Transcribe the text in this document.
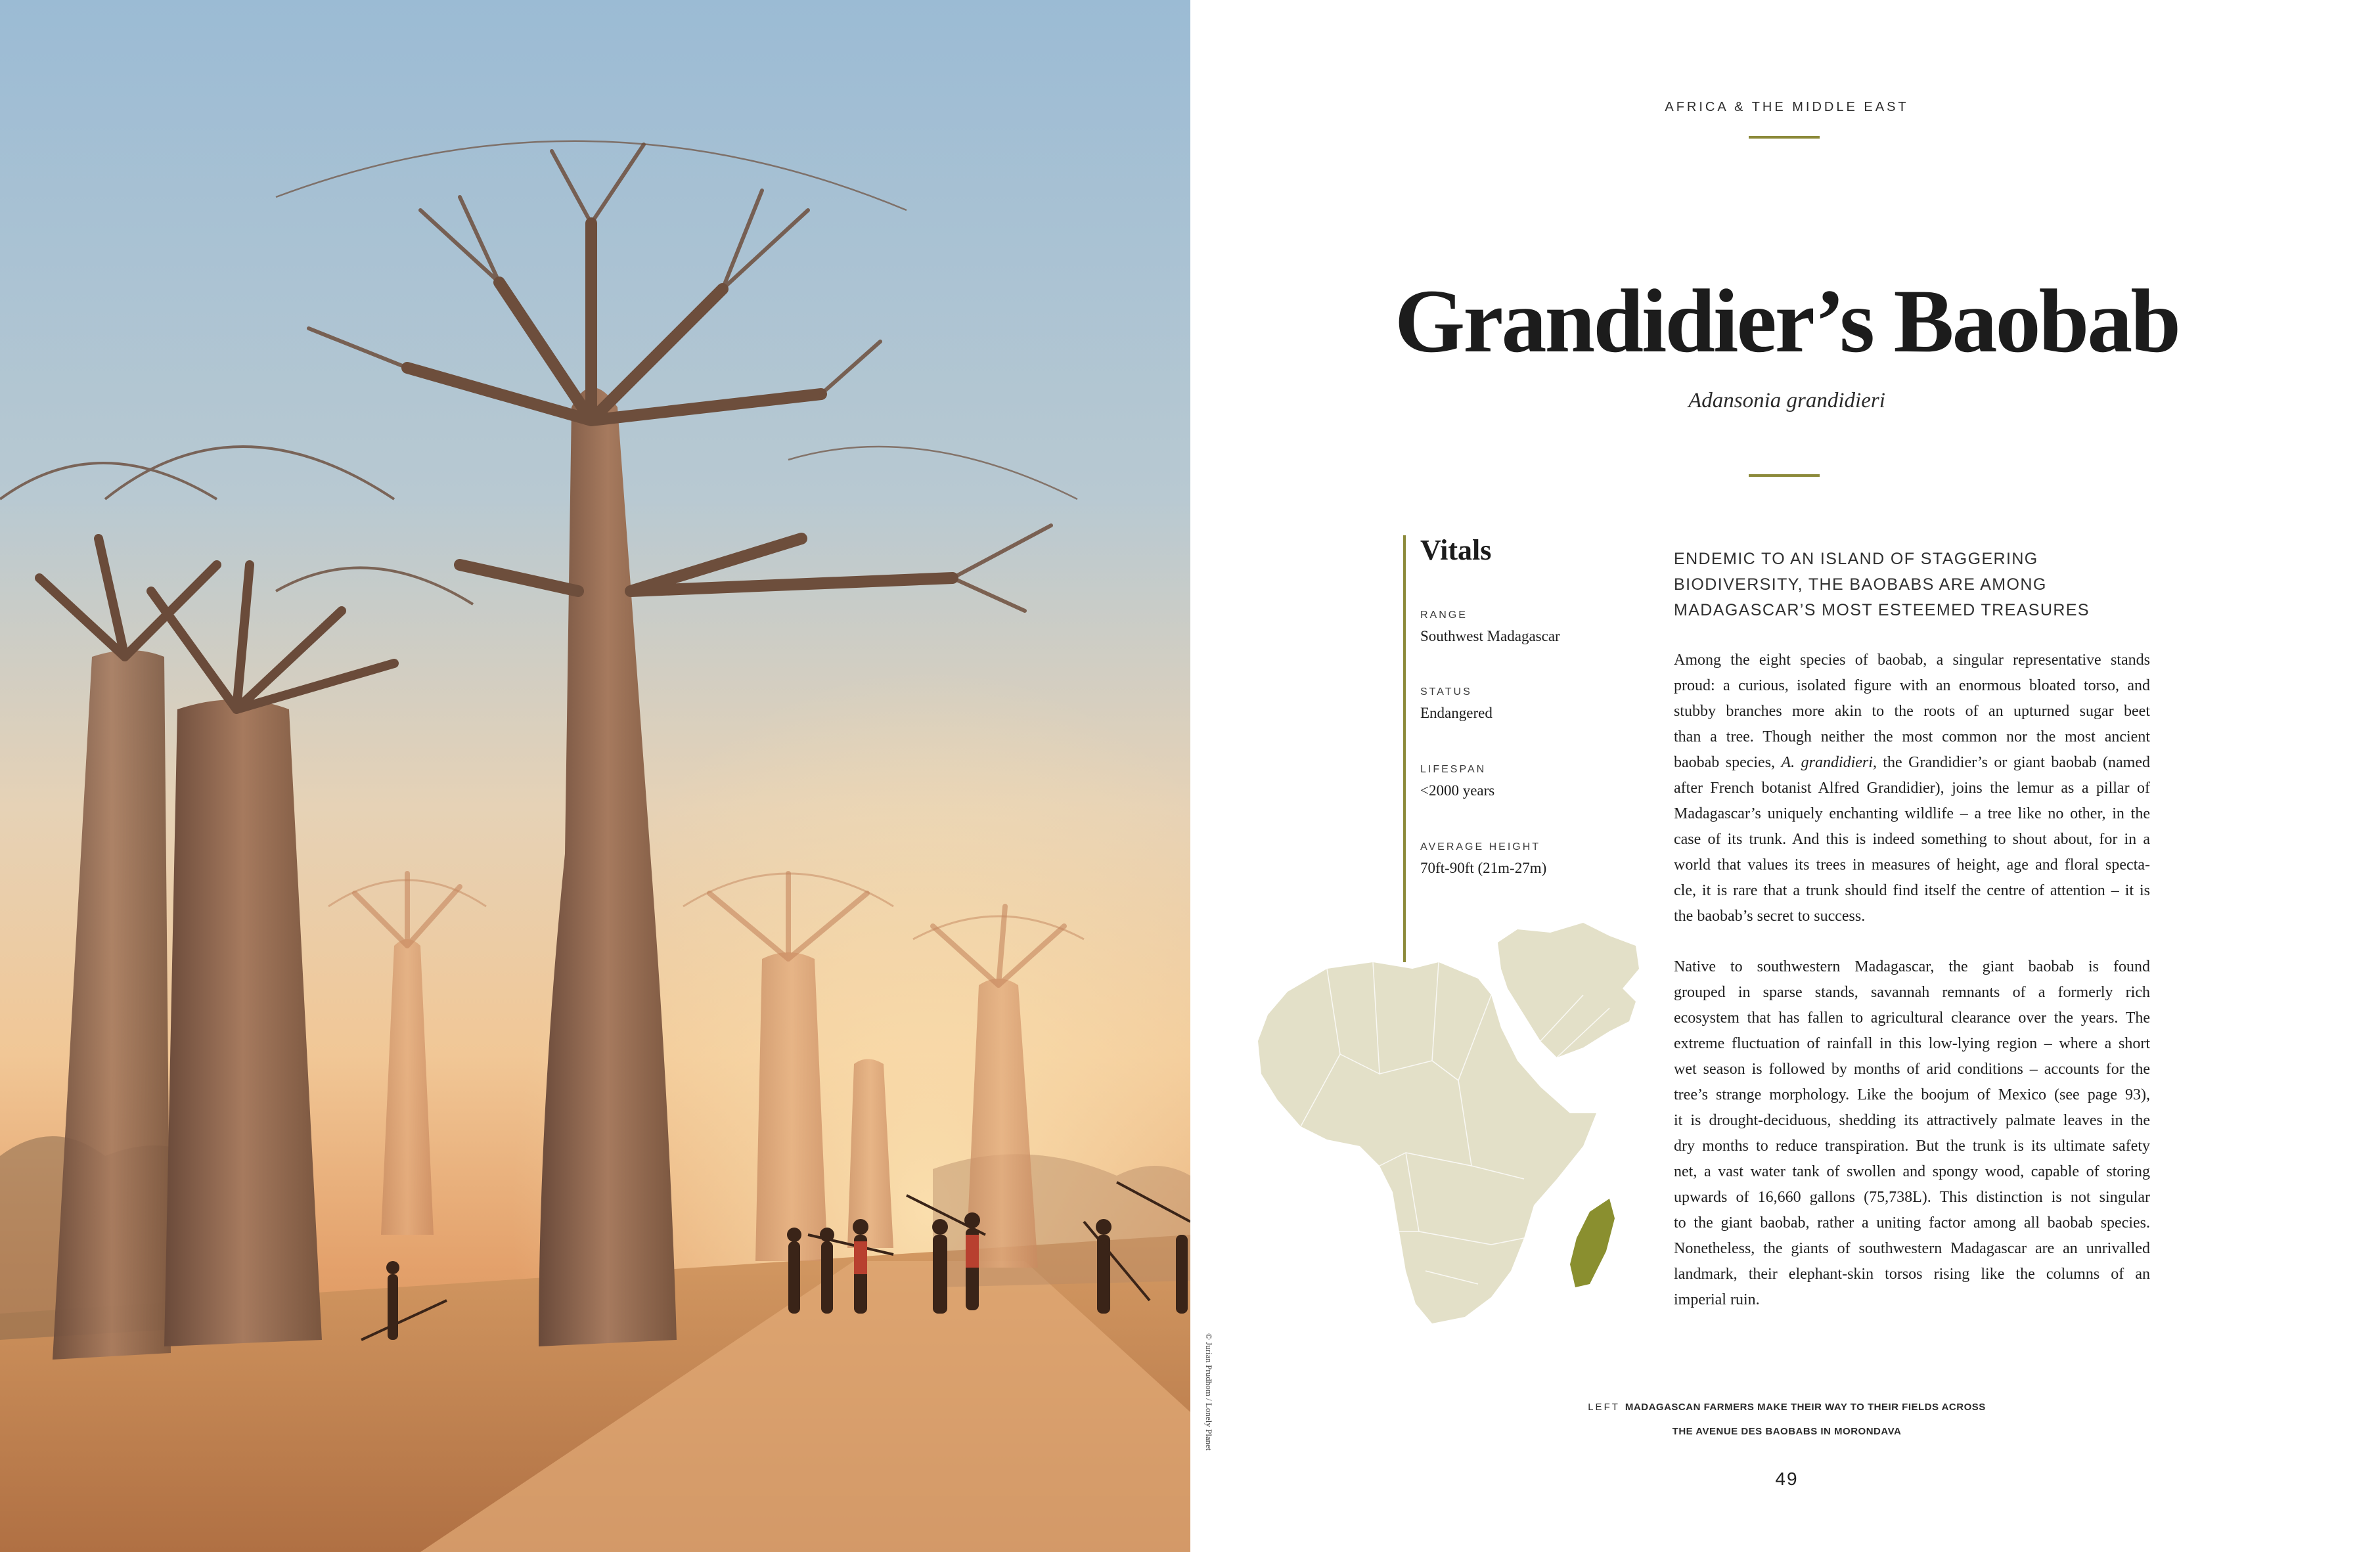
© Jurian Prudhom / Lonely Planet
AFRICA & THE MIDDLE EAST
Grandidier’s Baobab
Adansonia grandidieri
Vitals
RANGE
Southwest Madagascar
STATUS
Endangered
LIFESPAN
<2000 years
AVERAGE HEIGHT
70ft-90ft (21m-27m)
ENDEMIC TO AN ISLAND OF STAGGERING BIODIVERSITY, THE BAOBABS ARE AMONG MADAGASCAR’S MOST ESTEEMED TREASURES
Among the eight species of baobab, a singular representative stands
proud: a curious, isolated figure with an enormous bloated torso, and
stubby branches more akin to the roots of an upturned sugar beet
than a tree. Though neither the most common nor the most ancient
baobab species, A. grandidieri, the Grandidier’s or giant baobab (named
after French botanist Alfred Grandidier), joins the lemur as a pillar of
Madagascar’s uniquely enchanting wildlife – a tree like no other, in the
case of its trunk. And this is indeed something to shout about, for in a
world that values its trees in measures of height, age and floral specta-
cle, it is rare that a trunk should find itself the centre of attention – it is
the baobab’s secret to success.
Native to southwestern Madagascar, the giant baobab is found
grouped in sparse stands, savannah remnants of a formerly rich
ecosystem that has fallen to agricultural clearance over the years. The
extreme fluctuation of rainfall in this low-lying region – where a short
wet season is followed by months of arid conditions – accounts for the
tree’s strange morphology. Like the boojum of Mexico (see page 93),
it is drought-deciduous, shedding its attractively palmate leaves in the
dry months to reduce transpiration. But the trunk is its ultimate safety
net, a vast water tank of swollen and spongy wood, capable of storing
upwards of 16,660 gallons (75,738L). This distinction is not singular
to the giant baobab, rather a uniting factor among all baobab species.
Nonetheless, the giants of southwestern Madagascar are an unrivalled
landmark, their elephant-skin torsos rising like the columns of an
imperial ruin.
LEFT MADAGASCAN FARMERS MAKE THEIR WAY TO THEIR FIELDS ACROSS
THE AVENUE DES BAOBABS IN MORONDAVA
49
